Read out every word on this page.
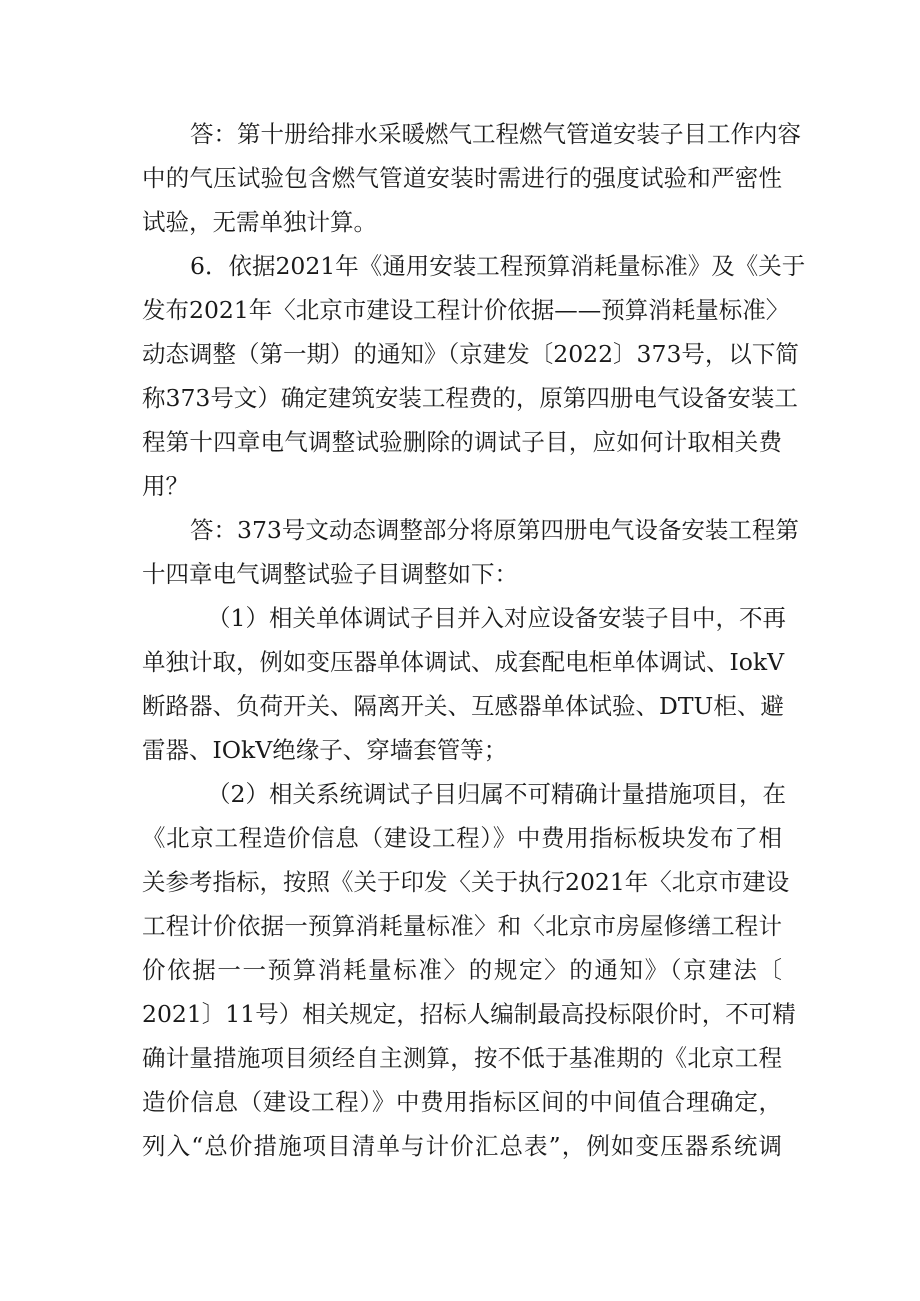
答：第十册给排水采暖燃气工程燃气管道安装子目工作内容
中的气压试验包含燃气管道安装时需进行的强度试验和严密性
试验，无需单独计算。
6．依据2021年《通用安装工程预算消耗量标准》及《关于
发布2021年〈北京市建设工程计价依据——预算消耗量标准〉
动态调整（第一期）的通知》（京建发〔2022〕373号，以下简
称373号文）确定建筑安装工程费的，原第四册电气设备安装工
程第十四章电气调整试验删除的调试子目，应如何计取相关费
用？
答：373号文动态调整部分将原第四册电气设备安装工程第
十四章电气调整试验子目调整如下：
（1）相关单体调试子目并入对应设备安装子目中，不再
单独计取，例如变压器单体调试、成套配电柜单体调试、IokV
断路器、负荷开关、隔离开关、互感器单体试验、DTU柜、避
雷器、IOkV绝缘子、穿墙套管等；
（2）相关系统调试子目归属不可精确计量措施项目，在
《北京工程造价信息（建设工程）》中费用指标板块发布了相
关参考指标，按照《关于印发〈关于执行2021年〈北京市建设
工程计价依据一预算消耗量标准〉和〈北京市房屋修缮工程计
价依据一一预算消耗量标准〉的规定〉的通知》（京建法〔
2021〕11号）相关规定，招标人编制最高投标限价时，不可精
确计量措施项目须经自主测算，按不低于基准期的《北京工程
造价信息（建设工程）》中费用指标区间的中间值合理确定，
列入“总价措施项目清单与计价汇总表”，例如变压器系统调
